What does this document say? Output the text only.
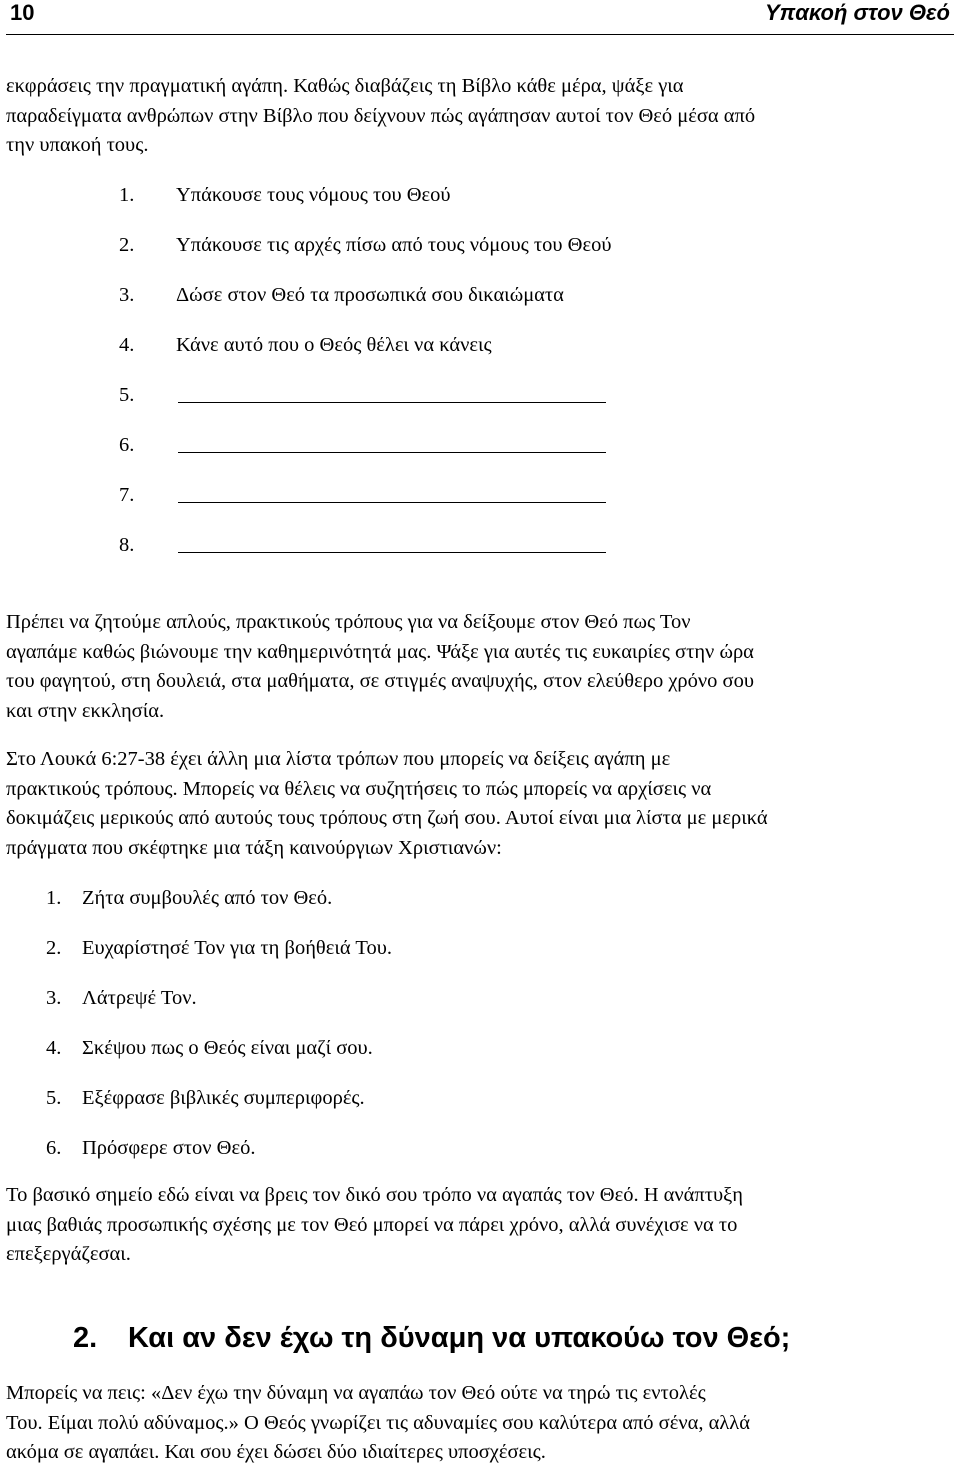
10	Υπακοή στον Θεό

εκφράσεις την πραγματική αγάπη. Καθώς διαβάζεις τη Βίβλο κάθε μέρα, ψάξε για
παραδείγματα ανθρώπων στην Βίβλο που δείχνουν πώς αγάπησαν αυτοί τον Θεό μέσα από
την υπακοή τους.

1.	Υπάκουσε τους νόμους του Θεού
2.	Υπάκουσε τις αρχές πίσω από τους νόμους του Θεού
3.	Δώσε στον Θεό τα προσωπικά σου δικαιώματα
4.	Κάνε αυτό που ο Θεός θέλει να κάνεις
5.
6.
7.
8.

Πρέπει να ζητούμε απλούς, πρακτικούς τρόπους για να δείξουμε στον Θεό πως Τον
αγαπάμε καθώς βιώνουμε την καθημερινότητά μας. Ψάξε για αυτές τις ευκαιρίες στην ώρα
του φαγητού, στη δουλειά, στα μαθήματα, σε στιγμές αναψυχής, στον ελεύθερο χρόνο σου
και στην εκκλησία.

Στο Λουκά 6:27-38 έχει άλλη μια λίστα τρόπων που μπορείς να δείξεις αγάπη με
πρακτικούς τρόπους. Μπορείς να θέλεις να συζητήσεις το πώς μπορείς να αρχίσεις να
δοκιμάζεις μερικούς από αυτούς τους τρόπους στη ζωή σου. Αυτοί είναι μια λίστα με μερικά
πράγματα που σκέφτηκε μια τάξη καινούργιων Χριστιανών:

1. Ζήτα συμβουλές από τον Θεό.
2. Ευχαρίστησέ Τον για τη βοήθειά Του.
3. Λάτρεψέ Τον.
4. Σκέψου πως ο Θεός είναι μαζί σου.
5. Εξέφρασε βιβλικές συμπεριφορές.
6. Πρόσφερε στον Θεό.

Το βασικό σημείο εδώ είναι να βρεις τον δικό σου τρόπο να αγαπάς τον Θεό. Η ανάπτυξη
μιας βαθιάς προσωπικής σχέσης με τον Θεό μπορεί να πάρει χρόνο, αλλά συνέχισε να το
επεξεργάζεσαι.

2. Και αν δεν έχω τη δύναμη να υπακούω τον Θεό;

Μπορείς να πεις: «Δεν έχω την δύναμη να αγαπάω τον Θεό ούτε να τηρώ τις εντολές
Του. Είμαι πολύ αδύναμος.» Ο Θεός γνωρίζει τις αδυναμίες σου καλύτερα από σένα, αλλά
ακόμα σε αγαπάει. Και σου έχει δώσει δύο ιδιαίτερες υποσχέσεις.
